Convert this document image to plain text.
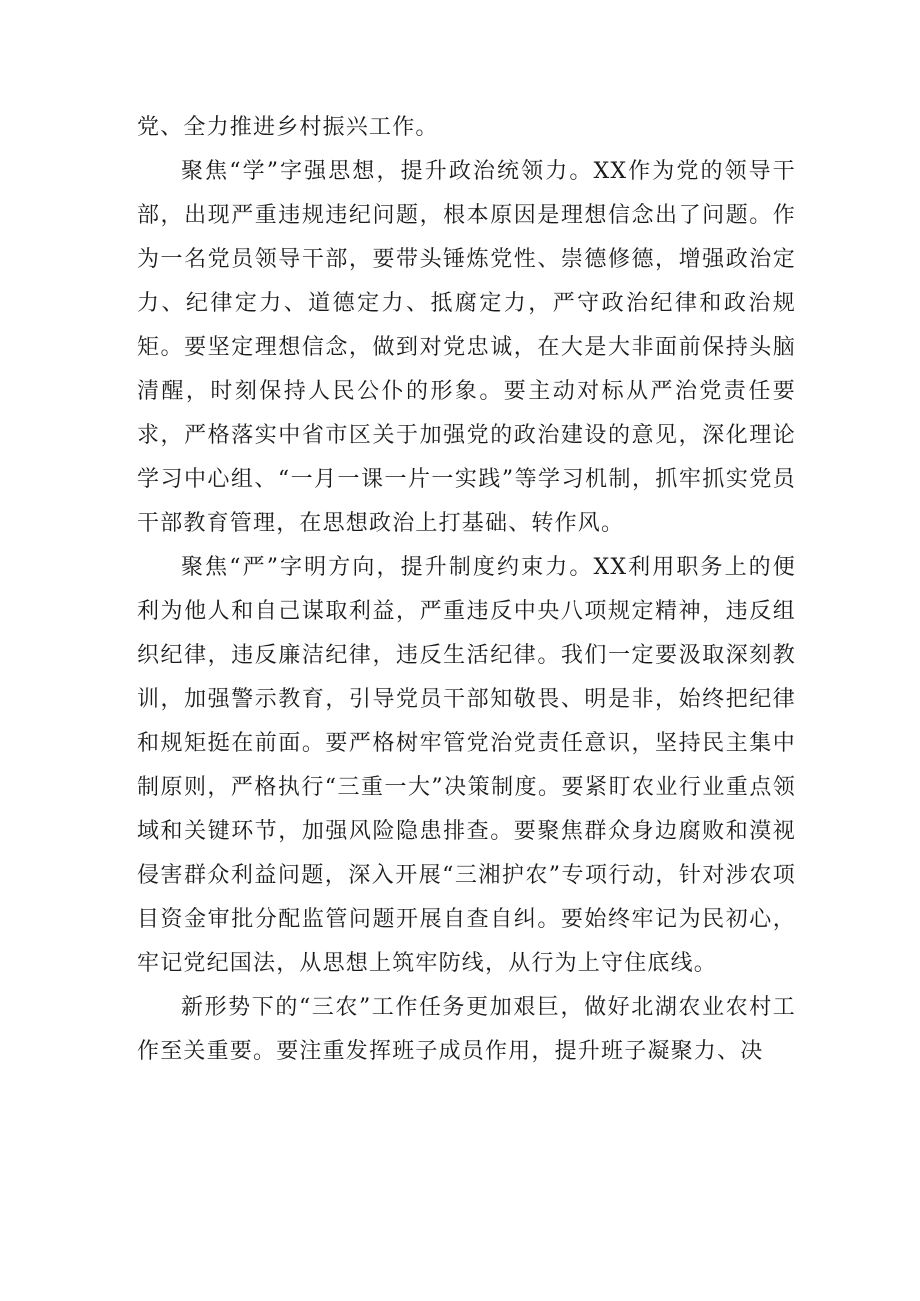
党、全力推进乡村振兴工作。

聚焦“学”字强思想，提升政治统领力。XX作为党的领导干部，出现严重违规违纪问题，根本原因是理想信念出了问题。作为一名党员领导干部，要带头锤炼党性、崇德修德，增强政治定力、纪律定力、道德定力、抵腐定力，严守政治纪律和政治规矩。要坚定理想信念，做到对党忠诚，在大是大非面前保持头脑清醒，时刻保持人民公仆的形象。要主动对标从严治党责任要求，严格落实中省市区关于加强党的政治建设的意见，深化理论学习中心组、“一月一课一片一实践”等学习机制，抓牢抓实党员干部教育管理，在思想政治上打基础、转作风。

聚焦“严”字明方向，提升制度约束力。XX利用职务上的便利为他人和自己谋取利益，严重违反中央八项规定精神，违反组织纪律，违反廉洁纪律，违反生活纪律。我们一定要汲取深刻教训，加强警示教育，引导党员干部知敬畏、明是非，始终把纪律和规矩挺在前面。要严格树牢管党治党责任意识，坚持民主集中制原则，严格执行“三重一大”决策制度。要紧盯农业行业重点领域和关键环节，加强风险隐患排查。要聚焦群众身边腐败和漠视侵害群众利益问题，深入开展“三湘护农”专项行动，针对涉农项目资金审批分配监管问题开展自查自纠。要始终牢记为民初心，牢记党纪国法，从思想上筑牢防线，从行为上守住底线。

新形势下的“三农”工作任务更加艰巨，做好北湖农业农村工作至关重要。要注重发挥班子成员作用，提升班子凝聚力、决
